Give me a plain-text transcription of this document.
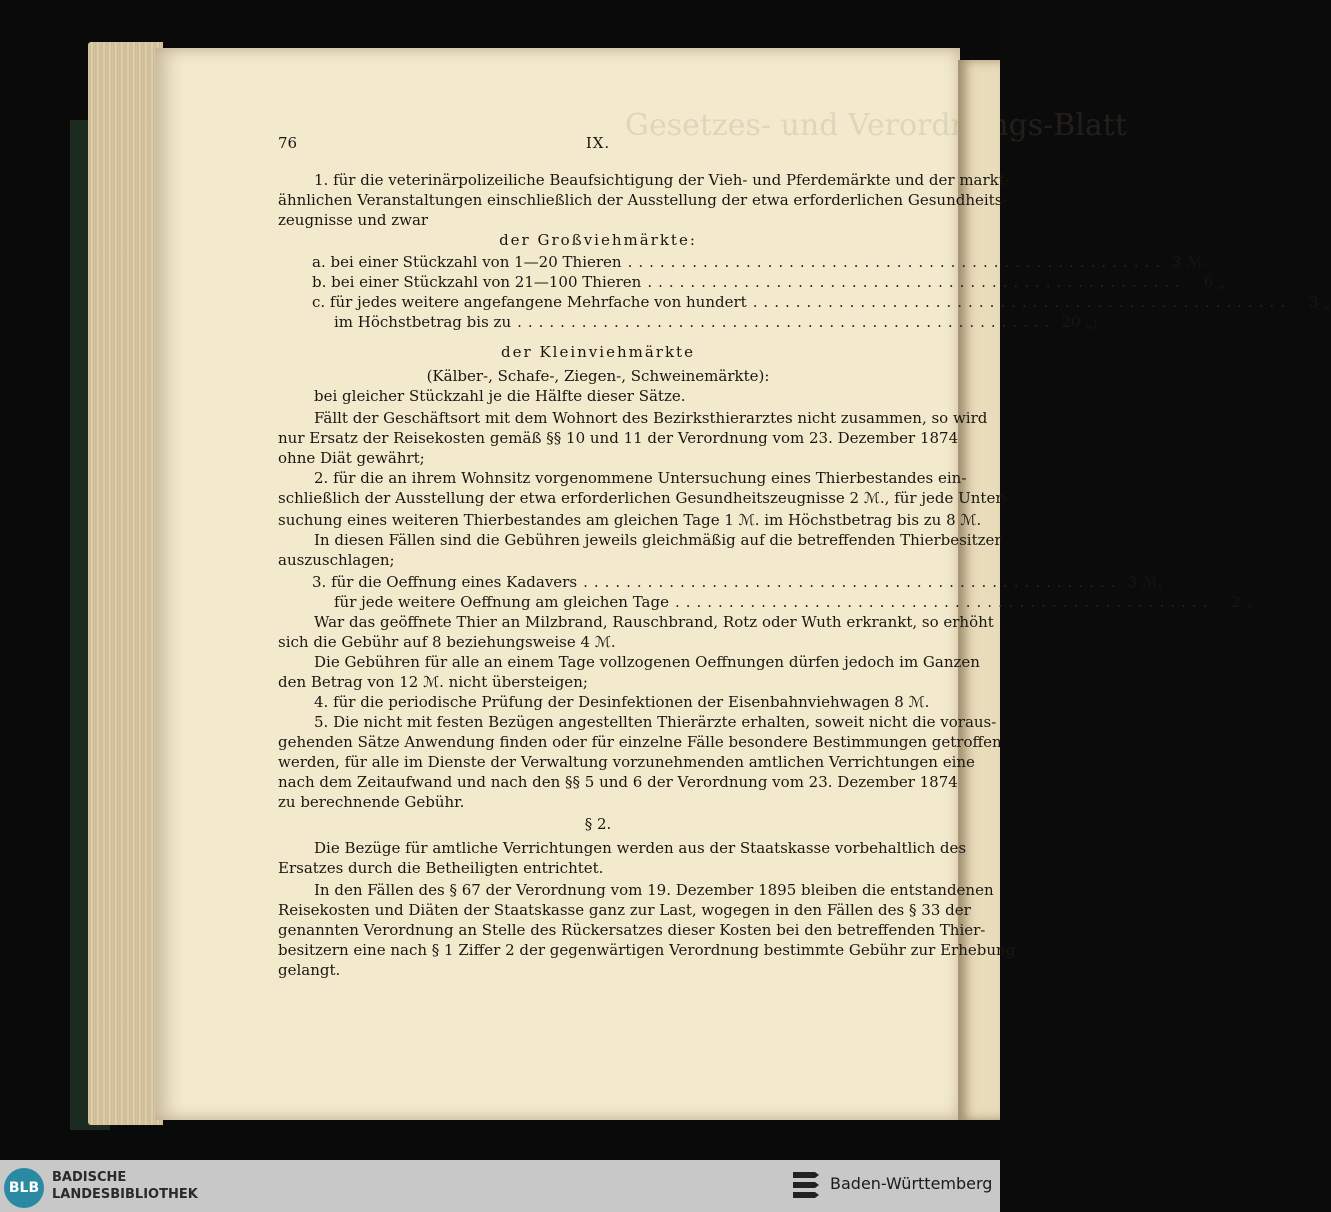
Gesetzes- und Verordnungs-Blatt
76	IX.
1. für die veterinärpolizeiliche Beaufsichtigung der Vieh- und Pferdemärkte und der markt-
ähnlichen Veranstaltungen einschließlich der Ausstellung der etwa erforderlichen Gesundheits-
zeugnisse und zwar
der Großviehmärkte:
a. bei einer Stückzahl von 1—20 Thieren .................................................. 3 ℳ.
b. bei einer Stückzahl von 21—100 Thieren ..................................................	6 „
c. für jedes weitere angefangene Mehrfache von hundert ..................................................	3 „
im Höchstbetrag bis zu .................................................. 20 „;
der Kleinviehmärkte
(Kälber-, Schafe-, Ziegen-, Schweinemärkte):
bei gleicher Stückzahl je die Hälfte dieser Sätze.
Fällt der Geschäftsort mit dem Wohnort des Bezirksthierarztes nicht zusammen, so wird
nur Ersatz der Reisekosten gemäß §§ 10 und 11 der Verordnung vom 23. Dezember 1874
ohne Diät gewährt;
2. für die an ihrem Wohnsitz vorgenommene Untersuchung eines Thierbestandes ein-
schließlich der Ausstellung der etwa erforderlichen Gesundheitszeugnisse 2 ℳ., für jede Unter-
suchung eines weiteren Thierbestandes am gleichen Tage 1 ℳ. im Höchstbetrag bis zu 8 ℳ.
In diesen Fällen sind die Gebühren jeweils gleichmäßig auf die betreffenden Thierbesitzer
auszuschlagen;
3. für die Oeffnung eines Kadavers .................................................. 3 ℳ.
für jede weitere Oeffnung am gleichen Tage ..................................................	2 „
War das geöffnete Thier an Milzbrand, Rauschbrand, Rotz oder Wuth erkrankt, so erhöht
sich die Gebühr auf 8 beziehungsweise 4 ℳ.
Die Gebühren für alle an einem Tage vollzogenen Oeffnungen dürfen jedoch im Ganzen
den Betrag von 12 ℳ. nicht übersteigen;
4. für die periodische Prüfung der Desinfektionen der Eisenbahnviehwagen 8 ℳ.
5. Die nicht mit festen Bezügen angestellten Thierärzte erhalten, soweit nicht die voraus-
gehenden Sätze Anwendung finden oder für einzelne Fälle besondere Bestimmungen getroffen
werden, für alle im Dienste der Verwaltung vorzunehmenden amtlichen Verrichtungen eine
nach dem Zeitaufwand und nach den §§ 5 und 6 der Verordnung vom 23. Dezember 1874
zu berechnende Gebühr.
§ 2.
Die Bezüge für amtliche Verrichtungen werden aus der Staatskasse vorbehaltlich des
Ersatzes durch die Betheiligten entrichtet.
In den Fällen des § 67 der Verordnung vom 19. Dezember 1895 bleiben die entstandenen
Reisekosten und Diäten der Staatskasse ganz zur Last, wogegen in den Fällen des § 33 der
genannten Verordnung an Stelle des Rückersatzes dieser Kosten bei den betreffenden Thier-
besitzern eine nach § 1 Ziffer 2 der gegenwärtigen Verordnung bestimmte Gebühr zur Erhebung
gelangt.
BLB
BADISCHE
LANDESBIBLIOTHEK
Baden-Württemberg
